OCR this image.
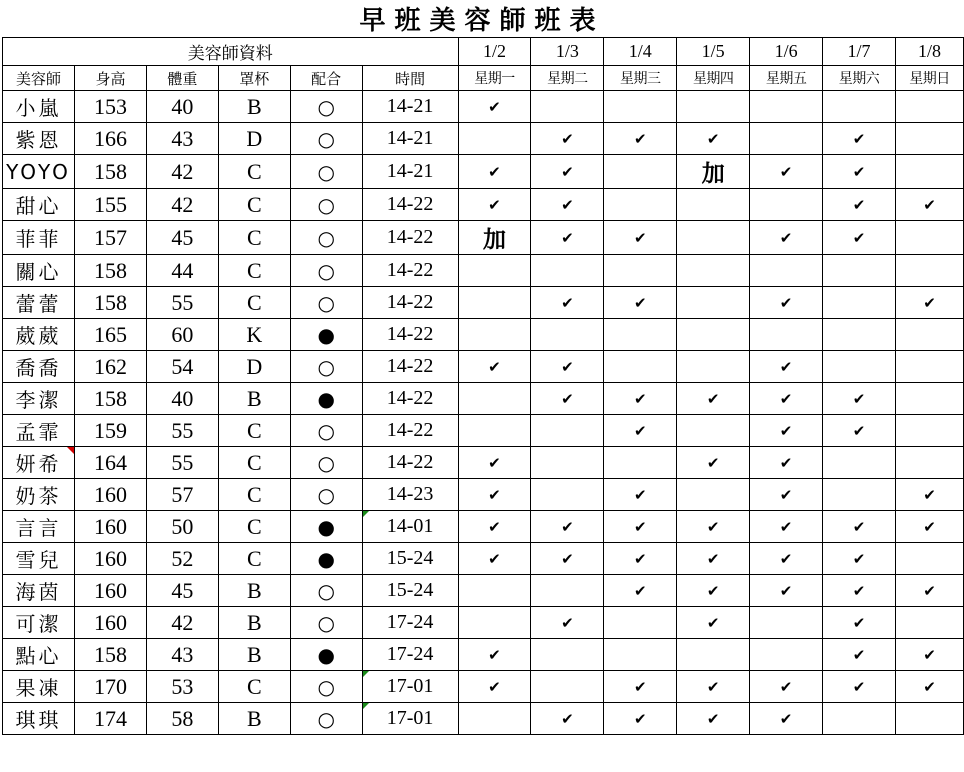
早班美容師班表
美容師資料						1/2	1/3	1/4	1/5	1/6	1/7	1/8
美容師	身高	體重	罩杯	配合	時間	星期一	星期二	星期三	星期四	星期五	星期六	星期日
小嵐	153	40	B	○	14-21	✔						
紫恩	166	43	D	○	14-21		✔	✔	✔		✔	
YOYO	158	42	C	○	14-21	✔	✔		加	✔	✔	
甜心	155	42	C	○	14-22	✔	✔				✔	✔
菲菲	157	45	C	○	14-22	加	✔	✔		✔	✔	
關心	158	44	C	○	14-22							
蕾蕾	158	55	C	○	14-22		✔	✔		✔		✔
葳葳	165	60	K	●	14-22							
喬喬	162	54	D	○	14-22	✔	✔			✔		
李潔	158	40	B	●	14-22		✔	✔	✔	✔	✔	
孟霏	159	55	C	○	14-22			✔		✔	✔	
妍希	164	55	C	○	14-22	✔			✔	✔		
奶茶	160	57	C	○	14-23	✔		✔		✔		✔
言言	160	50	C	●	14-01	✔	✔	✔	✔	✔	✔	✔
雪兒	160	52	C	●	15-24	✔	✔	✔	✔	✔	✔	
海茵	160	45	B	○	15-24			✔	✔	✔	✔	✔
可潔	160	42	B	○	17-24		✔		✔		✔	
點心	158	43	B	●	17-24	✔					✔	✔
果凍	170	53	C	○	17-01	✔		✔	✔	✔	✔	✔
琪琪	174	58	B	○	17-01		✔	✔	✔	✔		
